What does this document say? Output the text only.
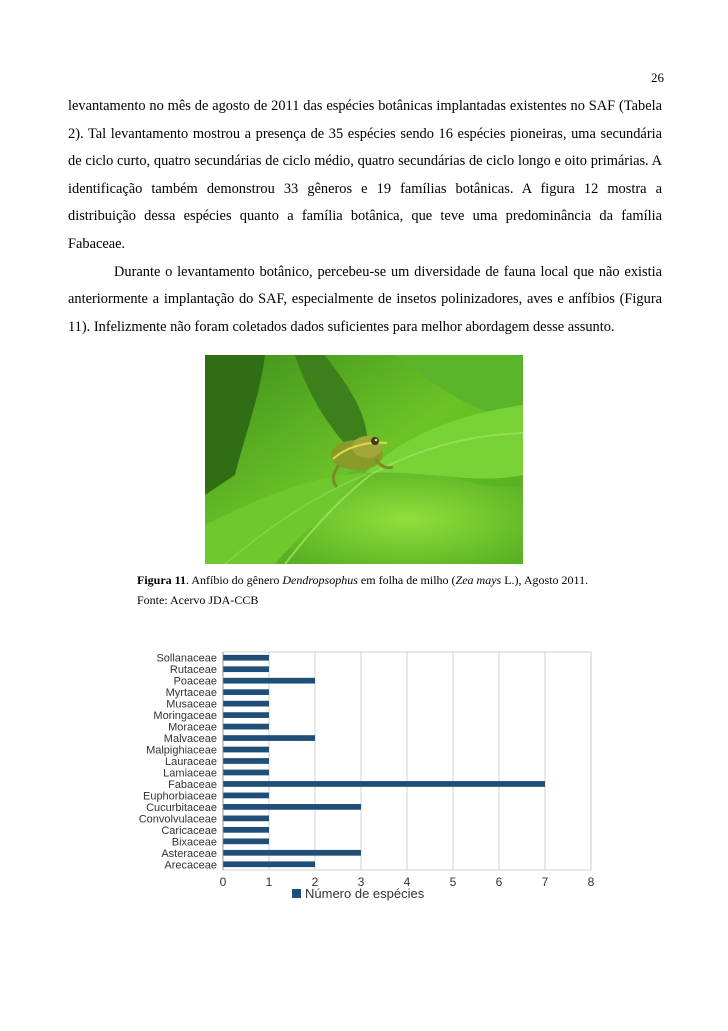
26

levantamento no mês de agosto de 2011 das espécies botânicas implantadas existentes no SAF (Tabela 2). Tal levantamento mostrou a presença de 35 espécies sendo 16 espécies pioneiras, uma secundária de ciclo curto, quatro secundárias de ciclo médio, quatro secundárias de ciclo longo e oito primárias. A identificação também demonstrou 33 gêneros e 19 famílias botânicas. A figura 12 mostra a distribuição dessa espécies quanto a família botânica, que teve uma predominância da família Fabaceae.

Durante o levantamento botânico, percebeu-se um diversidade de fauna local que não existia anteriormente a implantação do SAF, especialmente de insetos polinizadores, aves e anfíbios (Figura 11). Infelizmente não foram coletados dados suficientes para melhor abordagem desse assunto.

Figura 11. Anfíbio do gênero Dendropsophus em folha de milho (Zea mays L.), Agosto 2011.

Fonte: Acervo JDA-CCB

0	1	2	3	4	5	6	7	8
Sollanaceae
Rutaceae
Poaceae
Myrtaceae
Musaceae
Moringaceae
Moraceae
Malvaceae
Malpighiaceae
Lauraceae
Lamiaceae
Fabaceae
Euphorbiaceae
Cucurbitaceae
Convolvulaceae
Caricaceae
Bixaceae
Asteraceae
Arecaceae
Número de espécies
